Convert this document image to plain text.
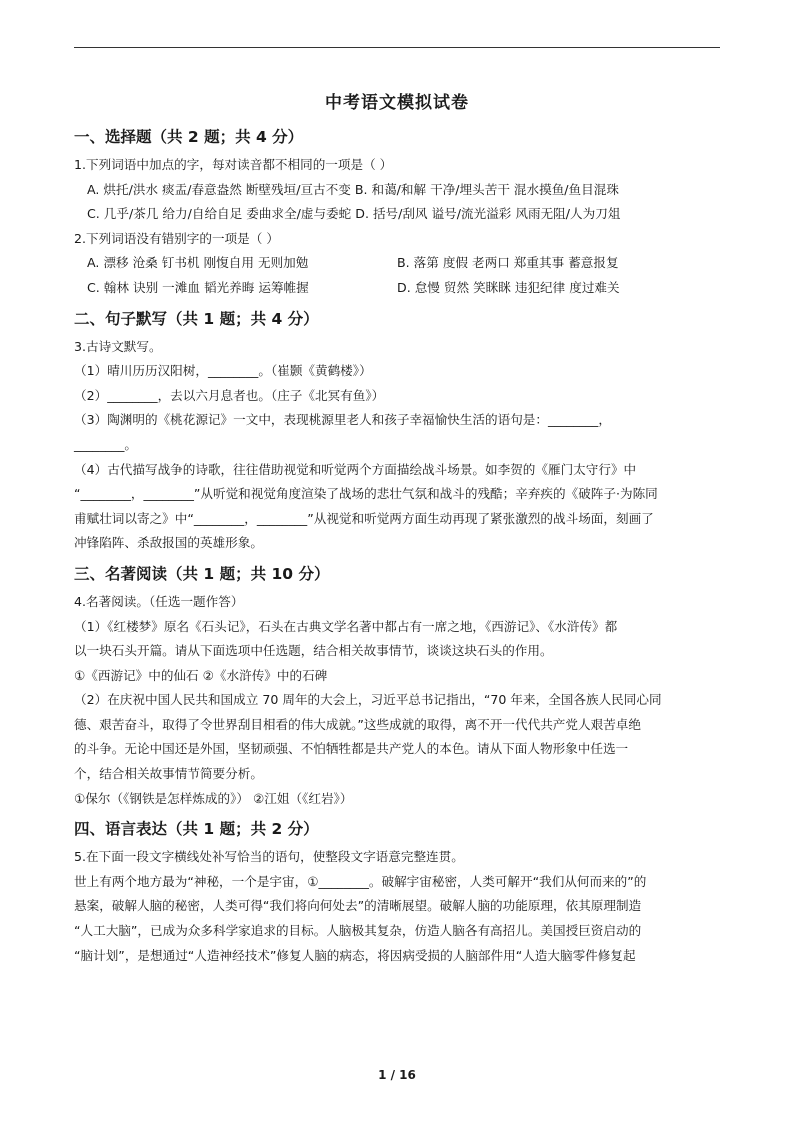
中考语文模拟试卷
一、选择题（共 2 题；共 4 分）
1.下列词语中加点的字，每对读音都不相同的一项是（ ）
A. 烘托/洪水 痰盂/春意盎然 断壁残垣/亘古不变 B. 和蔼/和解 干净/埋头苦干 混水摸鱼/鱼目混珠
C. 几乎/茶几 给力/自给自足 委曲求全/虚与委蛇 D. 括号/刮风 谥号/流光溢彩 风雨无阻/人为刀俎
2.下列词语没有错别字的一项是（ ）
A. 漂移 沧桑 钉书机 刚愎自用 无则加勉	B. 落第 度假 老两口 郑重其事 蓄意报复
C. 翰林 诀别 一滩血 韬光养晦 运筹帷握	D. 怠慢 贸然 笑眯眯 违犯纪律 度过难关
二、句子默写（共 1 题；共 4 分）
3.古诗文默写。
（1）晴川历历汉阳树，________。（崔颢《黄鹤楼》）
（2）________，去以六月息者也。（庄子《北冥有鱼》）
（3）陶渊明的《桃花源记》一文中，表现桃源里老人和孩子幸福愉快生活的语句是：________，
________。
（4）古代描写战争的诗歌，往往借助视觉和听觉两个方面描绘战斗场景。如李贺的《雁门太守行》中
“________，________”从听觉和视觉角度渲染了战场的悲壮气氛和战斗的残酷；辛弃疾的《破阵子·为陈同
甫赋壮词以寄之》中“________，________”从视觉和听觉两方面生动再现了紧张激烈的战斗场面，刻画了
冲锋陷阵、杀敌报国的英雄形象。
三、名著阅读（共 1 题；共 10 分）
4.名著阅读。（任选一题作答）
（1）《红楼梦》原名《石头记》，石头在古典文学名著中都占有一席之地，《西游记》、《水浒传》都
以一块石头开篇。请从下面选项中任选题，结合相关故事情节，谈谈这块石头的作用。
①《西游记》中的仙石 ②《水浒传》中的石碑
（2）在庆祝中国人民共和国成立 70 周年的大会上，习近平总书记指出，“70 年来，全国各族人民同心同
德、艰苦奋斗，取得了令世界刮目相看的伟大成就。”这些成就的取得，离不开一代代共产党人艰苦卓绝
的斗争。无论中国还是外国，坚韧顽强、不怕牺牲都是共产党人的本色。请从下面人物形象中任选一
个，结合相关故事情节简要分析。
①保尔（《钢铁是怎样炼成的》） ②江姐（《红岩》）
四、语言表达（共 1 题；共 2 分）
5.在下面一段文字横线处补写恰当的语句，使整段文字语意完整连贯。
世上有两个地方最为“神秘，一个是宇宙，①________。破解宇宙秘密，人类可解开“我们从何而来的”的
悬案，破解人脑的秘密，人类可得“我们将向何处去”的清晰展望。破解人脑的功能原理，依其原理制造
“人工大脑”，已成为众多科学家追求的目标。人脑极其复杂，仿造人脑各有高招儿。美国授巨资启动的
“脑计划”，是想通过“人造神经技术”修复人脑的病态，将因病受损的人脑部件用“人造大脑零件修复起
1 / 16
